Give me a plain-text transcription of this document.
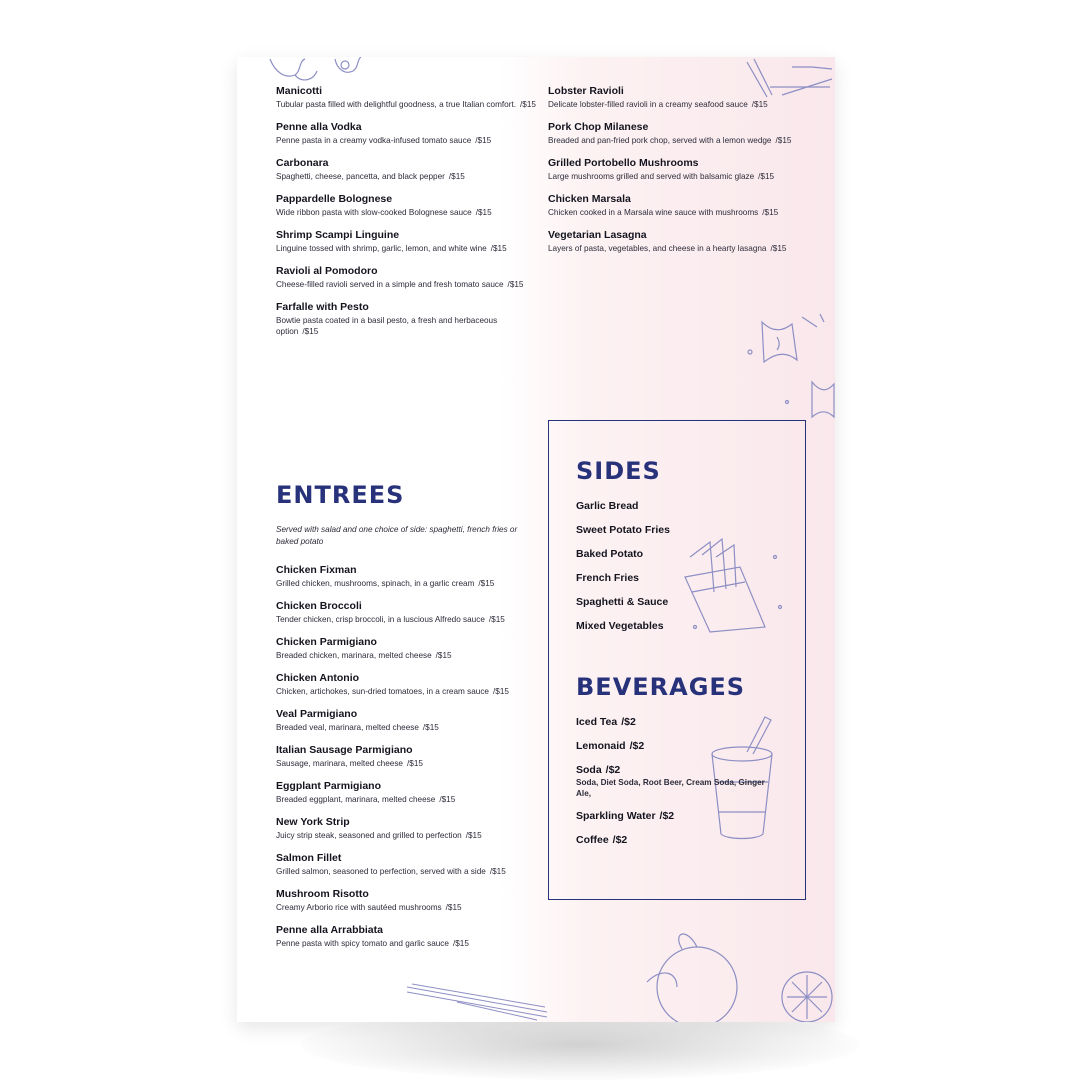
Manicotti
Tubular pasta filled with delightful goodness, a true Italian comfort. /$15
Penne alla Vodka
Penne pasta in a creamy vodka-infused tomato sauce /$15
Carbonara
Spaghetti, cheese, pancetta, and black pepper /$15
Pappardelle Bolognese
Wide ribbon pasta with slow-cooked Bolognese sauce /$15
Shrimp Scampi Linguine
Linguine tossed with shrimp, garlic, lemon, and white wine /$15
Ravioli al Pomodoro
Cheese-filled ravioli served in a simple and fresh tomato sauce /$15
Farfalle with Pesto
Bowtie pasta coated in a basil pesto, a fresh and herbaceous option /$15
Lobster Ravioli
Delicate lobster-filled ravioli in a creamy seafood sauce /$15
Pork Chop Milanese
Breaded and pan-fried pork chop, served with a lemon wedge /$15
Grilled Portobello Mushrooms
Large mushrooms grilled and served with balsamic glaze /$15
Chicken Marsala
Chicken cooked in a Marsala wine sauce with mushrooms /$15
Vegetarian Lasagna
Layers of pasta, vegetables, and cheese in a hearty lasagna /$15
ENTREES
Served with salad and one choice of side: spaghetti, french fries or baked potato
Chicken Fixman
Grilled chicken, mushrooms, spinach, in a garlic cream /$15
Chicken Broccoli
Tender chicken, crisp broccoli, in a luscious Alfredo sauce /$15
Chicken Parmigiano
Breaded chicken, marinara, melted cheese /$15
Chicken Antonio
Chicken, artichokes, sun-dried tomatoes, in a cream sauce /$15
Veal Parmigiano
Breaded veal, marinara, melted cheese /$15
Italian Sausage Parmigiano
Sausage, marinara, melted cheese /$15
Eggplant Parmigiano
Breaded eggplant, marinara, melted cheese /$15
New York Strip
Juicy strip steak, seasoned and grilled to perfection /$15
Salmon Fillet
Grilled salmon, seasoned to perfection, served with a side /$15
Mushroom Risotto
Creamy Arborio rice with sautéed mushrooms /$15
Penne alla Arrabbiata
Penne pasta with spicy tomato and garlic sauce /$15
SIDES
Garlic Bread
Sweet Potato Fries
Baked Potato
French Fries
Spaghetti & Sauce
Mixed Vegetables
BEVERAGES
Iced Tea /$2
Lemonaid /$2
Soda /$2
Soda, Diet Soda, Root Beer, Cream Soda, Ginger Ale,
Sparkling Water /$2
Coffee /$2
